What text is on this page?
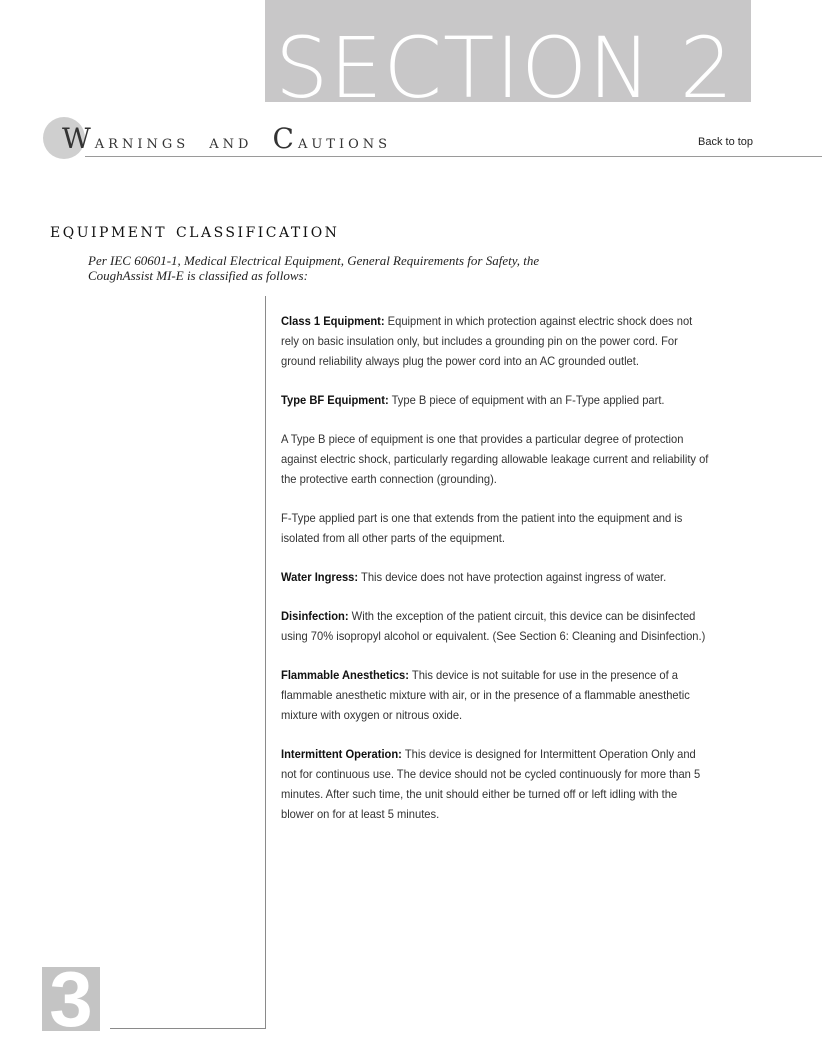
SECTION 2
Warnings and Cautions	Back to top
equipment classification
Per IEC 60601-1, Medical Electrical Equipment, General Requirements for Safety, the CoughAssist MI-E is classified as follows:
3

Class 1 Equipment: Equipment in which protection against electric shock does not rely on basic insulation only, but includes a grounding pin on the power cord. For ground reliability always plug the power cord into an AC grounded outlet.

Type BF Equipment: Type B piece of equipment with an F-Type applied part.

A Type B piece of equipment is one that provides a particular degree of protection against electric shock, particularly regarding allowable leakage current and reliability of the protective earth connection (grounding).

F-Type applied part is one that extends from the patient into the equipment and is isolated from all other parts of the equipment.

Water Ingress: This device does not have protection against ingress of water.

Disinfection: With the exception of the patient circuit, this device can be disinfected using 70% isopropyl alcohol or equivalent. (See Section 6: Cleaning and Disinfection.)

Flammable Anesthetics: This device is not suitable for use in the presence of a flammable anesthetic mixture with air, or in the presence of a flammable anesthetic mixture with oxygen or nitrous oxide.

Intermittent Operation: This device is designed for Intermittent Operation Only and not for continuous use. The device should not be cycled continuously for more than 5 minutes. After such time, the unit should either be turned off or left idling with the blower on for at least 5 minutes.
